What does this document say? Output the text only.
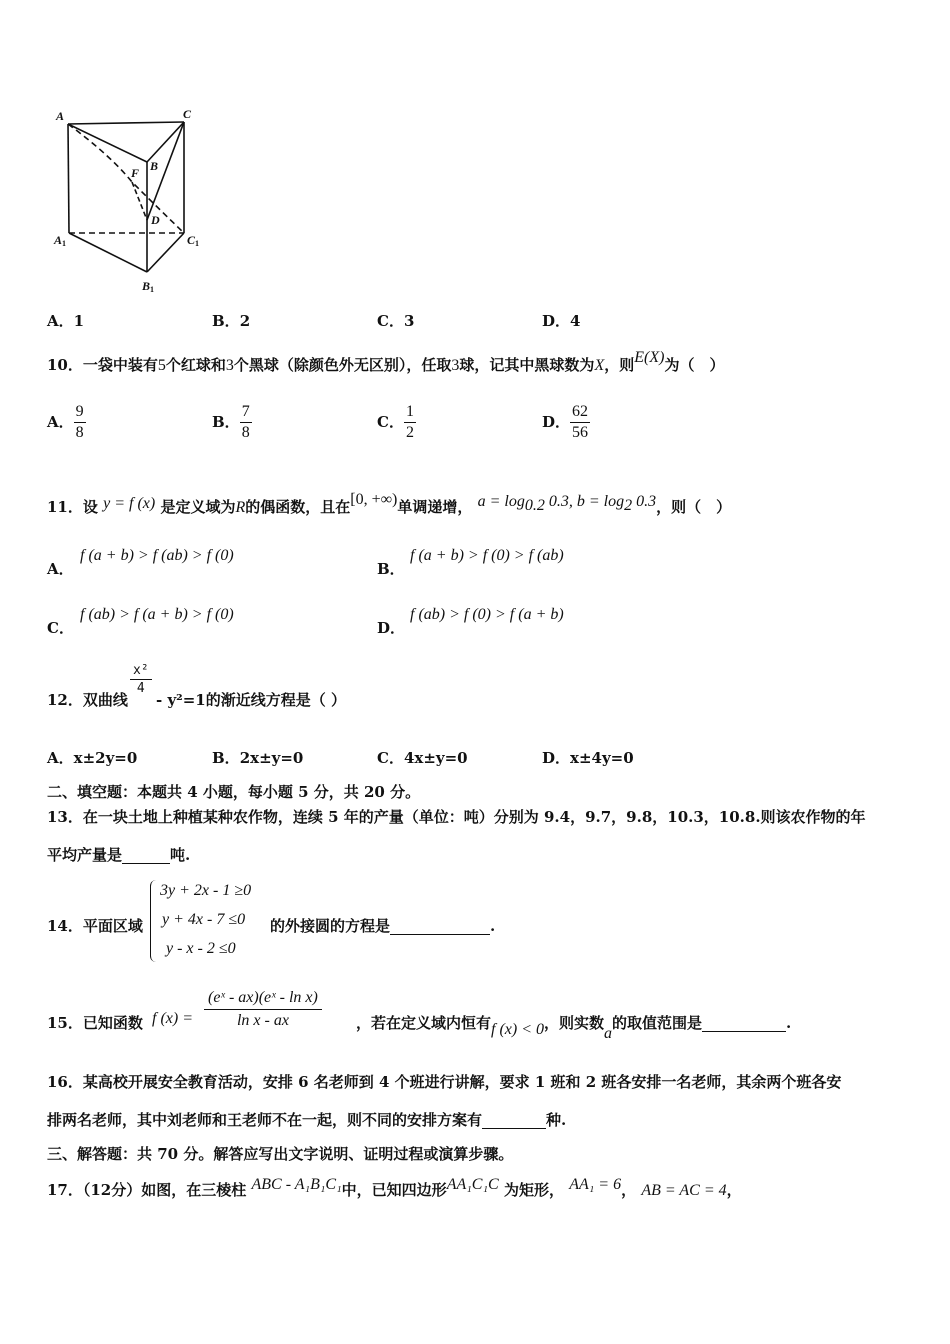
A	C
B
F
D
A1	C1
B1
A．1	B．2	C．3	D．4
10．一袋中装有5个红球和3个黑球（除颜色外无区别），任取3球，记其中黑球数为X，则E(X)为（　）
A． $\frac{9}{8}$	B． $\frac{7}{8}$	C． $\frac{1}{2}$	D． $\frac{62}{56}$
11．设 y = f (x) 是定义域为R的偶函数，且在[0, +∞)单调递增， $a = \log_{0.2} 0.3$, $b = \log_2 0.3$，则（　）
A．
f (a + b) > f (ab) > f (0)
B．
f (a + b) > f (0) > f (ab)
C．
f (ab) > f (a + b) > f (0)
D．
f (ab) > f (0) > f (a + b)
12．双曲线
x²
4
- y²=1的渐近线方程是（ ）
A．x±2y=0	B．2x±y=0	C．4x±y=0	D．x±4y=0
二、填空题：本题共 4 小题，每小题 5 分，共 20 分。
13．在一块土地上种植某种农作物，连续 5 年的产量（单位：吨）分别为 9.4，9.7，9.8，10.3，10.8.则该农作物的年
平均产量是	吨.
14．平面区域
3y + 2x - 1 ≥0
y + 4x - 7 ≤0
y - x - 2 ≤0
的外接圆的方程是	.
15．已知函数 f (x) =
(eˣ - ax)(eˣ - ln x)
ln x - ax	，若在定义域内恒有f (x) < 0，则实数a的取值范围是	.
16．某高校开展安全教育活动，安排 6 名老师到 4 个班进行讲解，要求 1 班和 2 班各安排一名老师，其余两个班各安
排两名老师，其中刘老师和王老师不在一起，则不同的安排方案有	种.
三、解答题：共 70 分。解答应写出文字说明、证明过程或演算步骤。
17．（12分）如图，在三棱柱 ABC - A₁B₁C₁中，已知四边形AA₁C₁C 为矩形， AA₁ = 6， AB = AC = 4，
